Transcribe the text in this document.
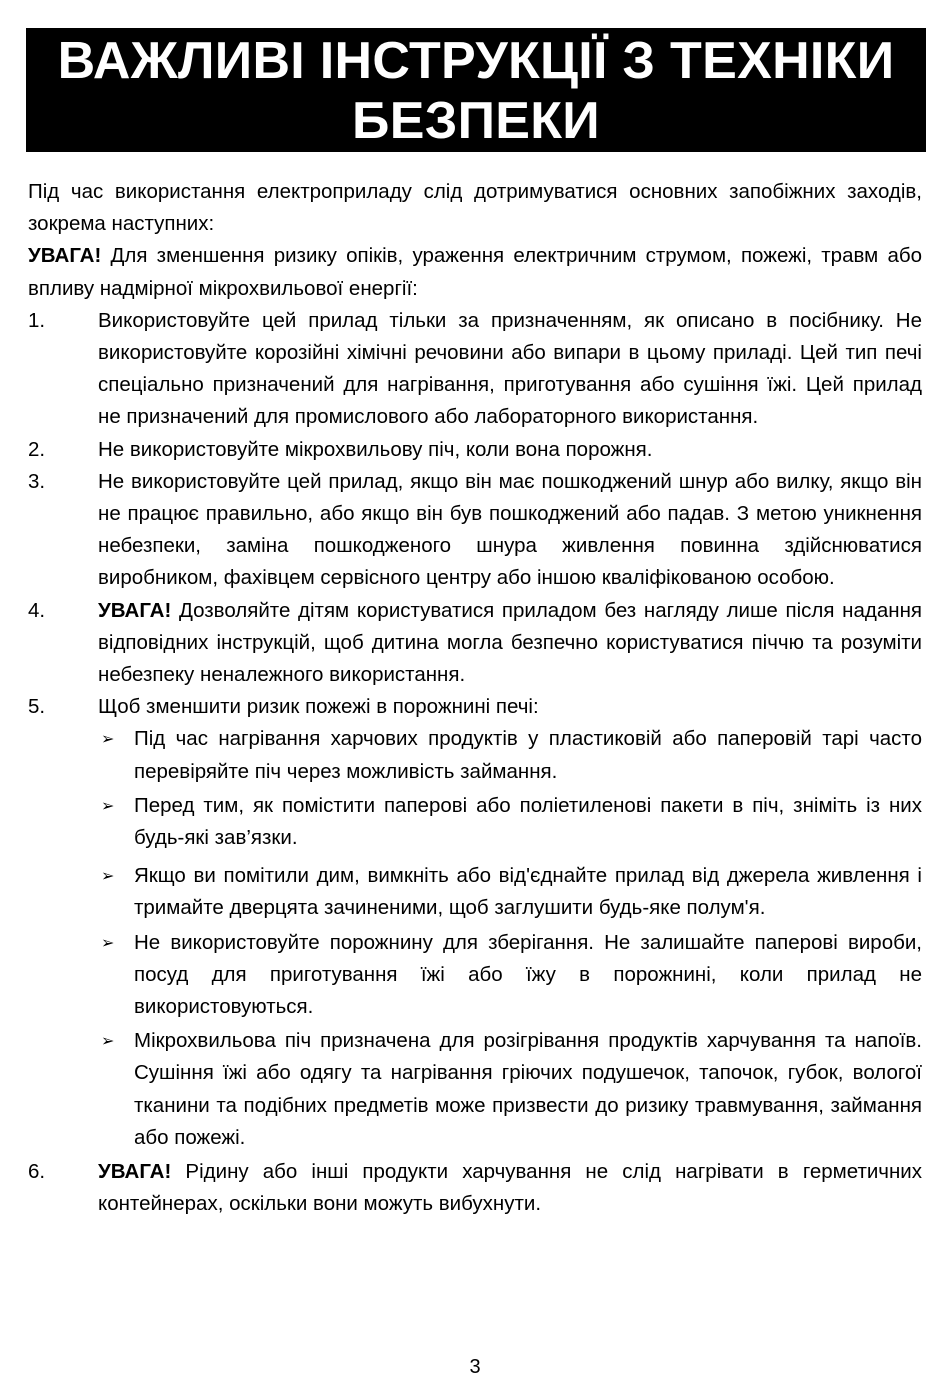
ВАЖЛИВІ ІНСТРУКЦІЇ З ТЕХНІКИ
БЕЗПЕКИ

Під час використання електроприладу слід дотримуватися основних запобіжних заходів, зокрема наступних:

УВАГА! Для зменшення ризику опіків, ураження електричним струмом, пожежі, травм або впливу надмірної мікрохвильової енергії:

1.	Використовуйте цей прилад тільки за призначенням, як описано в посібнику. Не використовуйте корозійні хімічні речовини або випари в цьому приладі. Цей тип печі спеціально призначений для нагрівання, приготування або сушіння їжі. Цей прилад не призначений для промислового або лабораторного використання.
2.	Не використовуйте мікрохвильову піч, коли вона порожня.
3.	Не використовуйте цей прилад, якщо він має пошкоджений шнур або вилку, якщо він не працює правильно, або якщо він був пошкоджений або падав. З метою уникнення небезпеки, заміна пошкодженого шнура живлення повинна здійснюватися виробником, фахівцем сервісного центру або іншою кваліфікованою особою.
4.	УВАГА! Дозволяйте дітям користуватися приладом без нагляду лише після надання відповідних інструкцій, щоб дитина могла безпечно користуватися піччю та розуміти небезпеку неналежного використання.
5.	Щоб зменшити ризик пожежі в порожнині печі:
➢ Під час нагрівання харчових продуктів у пластиковій або паперовій тарі часто перевіряйте піч через можливість займання.
➢ Перед тим, як помістити паперові або поліетиленові пакети в піч, зніміть із них будь-які зав’язки.
➢ Якщо ви помітили дим, вимкніть або від'єднайте прилад від джерела живлення і тримайте дверцята зачиненими, щоб заглушити будь-яке полум'я.
➢ Не використовуйте порожнину для зберігання. Не залишайте паперові вироби, посуд для приготування їжі або їжу в порожнині, коли прилад не використовуються.
➢ Мікрохвильова піч призначена для розігрівання продуктів харчування та напоїв. Сушіння їжі або одягу та нагрівання гріючих подушечок, тапочок, губок, вологої тканини та подібних предметів може призвести до ризику травмування, займання або пожежі.
6.	УВАГА! Рідину або інші продукти харчування не слід нагрівати в герметичних контейнерах, оскільки вони можуть вибухнути.
3
